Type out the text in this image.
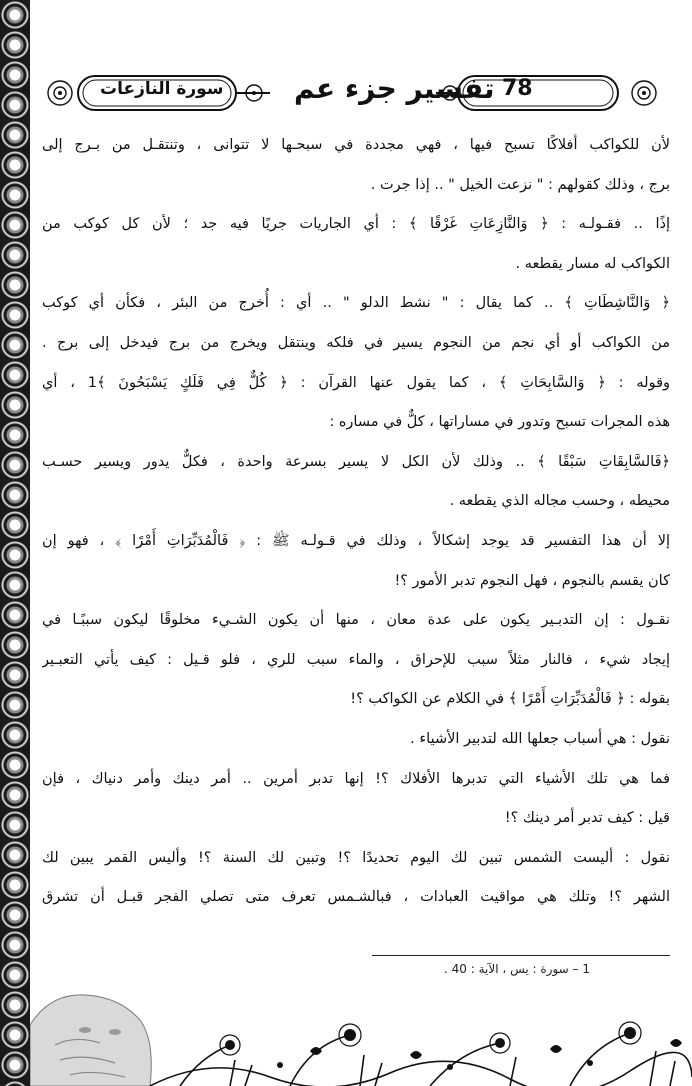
سورة النازعات	تفسير جزء عم 78
لأن للكواكب أفلاكًا تسبح فيها ، فهي مجددة في سبحـها لا تتوانى ، وتنتقـل من بـرج إلى
برج ، وذلك كقولهم : " نزعت الخيل " .. إذا جرت .
إذًا .. فقـولـه : ﴿ وَالنَّازِعَاتِ غَرْقًا ﴾ : أي الجاريات جريًا فيه جد ؛ لأن كل كوكب من
الكواكب له مسار يقطعه .
﴿ وَالنَّاشِطَاتِ ﴾ .. كما يقال : " نشط الدلو " .. أي : أُخرج من البئر ، فكأن أي كوكب
من الكواكب أو أي نجم من النجوم يسير في فلكه وينتقل ويخرج من برج فيدخل إلى برج .
وقوله : ﴿ وَالسَّابِحَاتِ ﴾ ، كما يقول عنها القرآن : ﴿ كُلٌّ فِي فَلَكٍ يَسْبَحُونَ ﴾1 ، أي
هذه المجرات تسبح وتدور في مساراتها ، كلٌّ في مساره :
﴿فَالسَّابِقَاتِ سَبْقًا ﴾ .. وذلك لأن الكل لا يسير بسرعة واحدة ، فكلٌّ يدور ويسير حسـب
محيطه ، وحسب مجاله الذي يقطعه .
إلا أن هذا التفسير قد يوجد إشكالاً ، وذلك في قـولـه ﷺ : ﴿ فَالْمُدَبِّرَاتِ أَمْرًا ﴾ ، فهو إن
كان يقسم بالنجوم ، فهل النجوم تدبر الأمور ؟!
نقـول : إن التدبـير يكون على عدة معان ، منها أن يكون الشـيء مخلوقًا ليكون سببًـا في
إيجاد شيء ، فالنار مثلاً سبب للإحراق ، والماء سبب للري ، فلو قـيل : كيف يأتي التعبـير
بقوله : ﴿ فَالْمُدَبِّرَاتِ أَمْرًا ﴾ في الكلام عن الكواكب ؟!
نقول : هي أسباب جعلها الله لتدبير الأشياء .
فما هي تلك الأشياء التي تدبرها الأفلاك ؟! إنها تدبر أمرين .. أمر دينك وأمر دنياك ، فإن
قيل : كيف تدبر أمر دينك ؟!
نقول : أليست الشمس تبين لك اليوم تحديدًا ؟! وتبين لك السنة ؟! وأليس القمر يبين لك
الشهر ؟! وتلك هي مواقيت العبادات ، فبالشـمس تعرف متى تصلي الفجر قبـل أن تشرق
1 – سورة : يس ، الآية : 40 .
